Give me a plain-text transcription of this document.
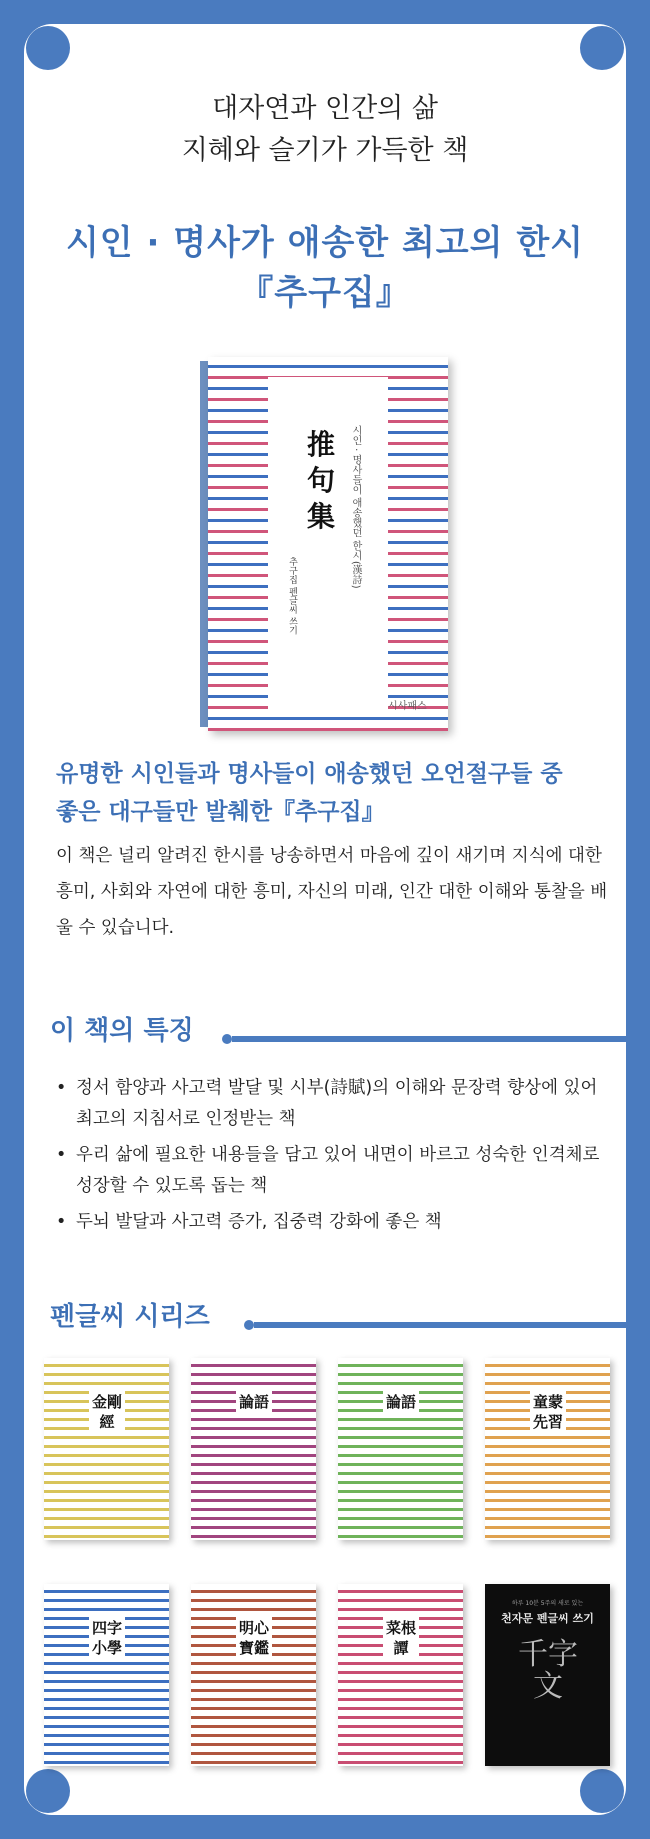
대자연과 인간의 삶
지혜와 슬기가 가득한 책
시인 · 명사가 애송한 최고의 한시
『추구집』
시인 · 명사들이 애송했던 한시(漢詩)
推句集
추구집 펜글씨 쓰기
시사패스
유명한 시인들과 명사들이 애송했던 오언절구들 중
좋은 대구들만 발췌한『추구집』

이 책은 널리 알려진 한시를 낭송하면서 마음에 깊이 새기며 지식에 대한 흥미, 사회와 자연에 대한 흥미, 자신의 미래, 인간 대한 이해와 통찰을 배울 수 있습니다.

이 책의 특징
• 정서 함양과 사고력 발달 및 시부(詩賦)의 이해와 문장력 향상에 있어 최고의 지침서로 인정받는 책
• 우리 삶에 필요한 내용들을 담고 있어 내면이 바르고 성숙한 인격체로 성장할 수 있도록 돕는 책
• 두뇌 발달과 사고력 증가, 집중력 강화에 좋은 책
펜글씨 시리즈
金剛經
論語	論語	童蒙先習
四字小學
明心寶鑑
菜根譚
하루 10분 5주의 새로 있는
천자문 펜글씨 쓰기
千字文
